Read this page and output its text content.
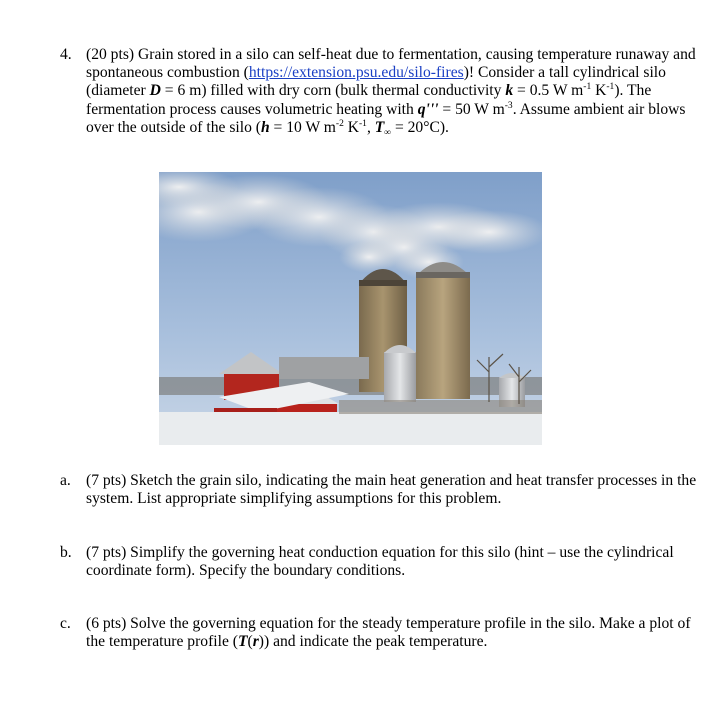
4. (20 pts) Grain stored in a silo can self-heat due to fermentation, causing temperature runaway and spontaneous combustion (https://extension.psu.edu/silo-fires)! Consider a tall cylindrical silo (diameter D = 6 m) filled with dry corn (bulk thermal conductivity k = 0.5 W $m^{-1}$ $K^{-1}$). The fermentation process causes volumetric heating with q''' = 50 W $m^{-3}$. Assume ambient air blows over the outside of the silo (h = 10 W $m^{-2}$ $K^{-1}$, $T_\infty = 20^\circ C$).
a. (7 pts) Sketch the grain silo, indicating the main heat generation and heat transfer processes in the system. List appropriate simplifying assumptions for this problem.
b. (7 pts) Simplify the governing heat conduction equation for this silo (hint – use the cylindrical coordinate form). Specify the boundary conditions.
c. (6 pts) Solve the governing equation for the steady temperature profile in the silo. Make a plot of the temperature profile (T(r)) and indicate the peak temperature.
